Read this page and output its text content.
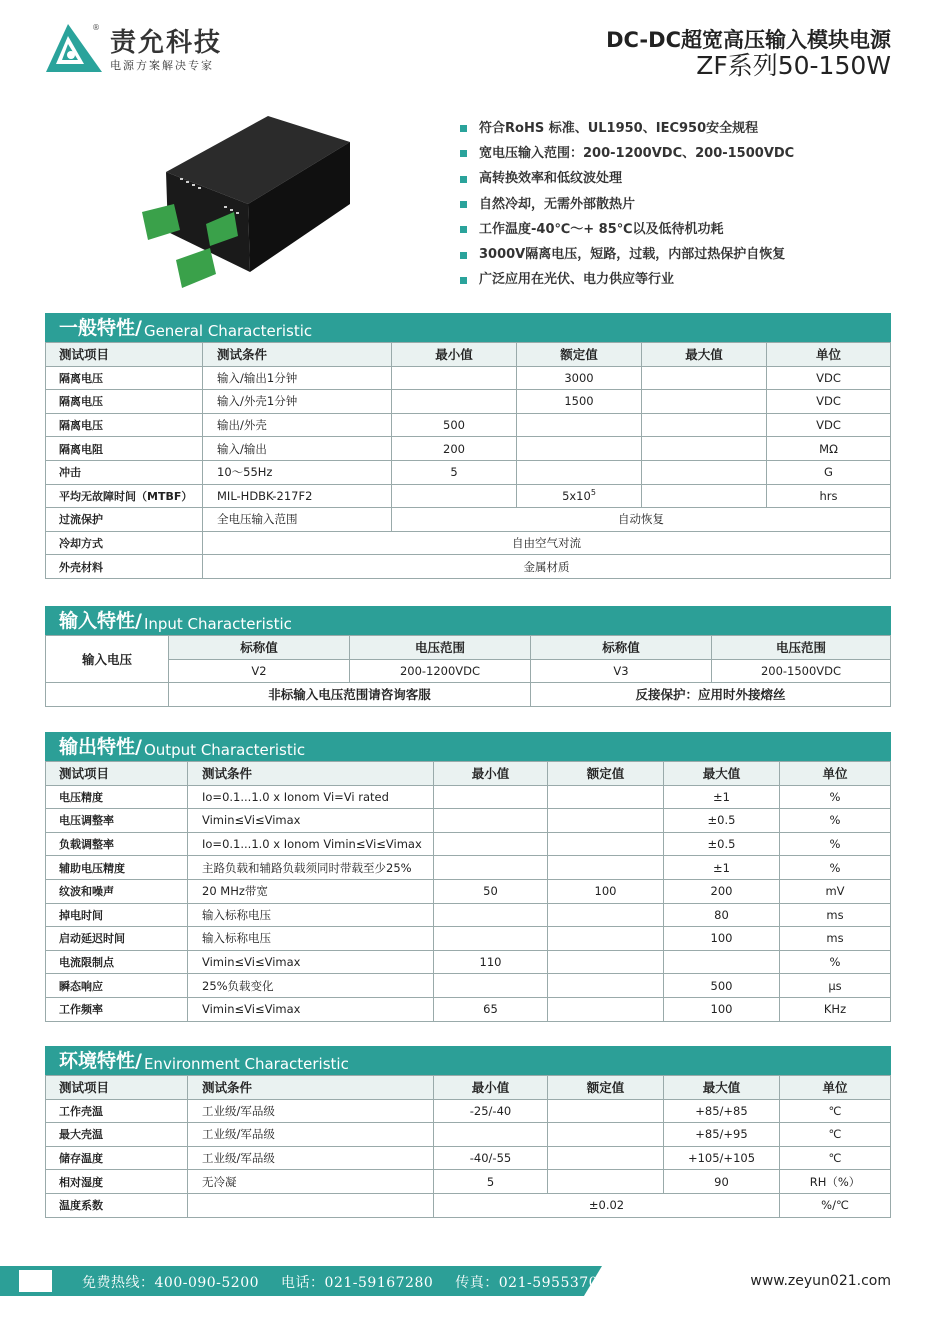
®
责允科技
电源方案解决专家
DC-DC超宽高压输入模块电源
ZF系列50-150W
符合RoHS 标准、UL1950、IEC950安全规程
宽电压输入范围：200-1200VDC、200-1500VDC
高转换效率和低纹波处理
自然冷却，无需外部散热片
工作温度-40℃～+ 85℃以及低待机功耗
3000V隔离电压，短路，过载，内部过热保护自恢复
广泛应用在光伏、电力供应等行业
一般特性/ General Characteristic
测试项目	测试条件	最小值	额定值	最大值	单位
隔离电压	输入/输出1分钟		3000		VDC
隔离电压	输入/外壳1分钟		1500		VDC
隔离电压	输出/外壳	500			VDC
隔离电阻	输入/输出	200			MΩ
冲击	10～55Hz	5			G
平均无故障时间（MTBF）	MIL-HDBK-217F2		$5x10^5$		hrs
过流保护	全电压输入范围	自动恢复			
冷却方式	自由空气对流				
外壳材料	金属材质				
输入特性/ Input Characteristic
输入电压	标称值	电压范围	标称值	电压范围
	V2	200-1200VDC	V3	200-1500VDC
	非标输入电压范围请咨询客服		反接保护：应用时外接熔丝	
输出特性/ Output Characteristic
测试项目	测试条件	最小值	额定值	最大值	单位
电压精度	Io=0.1...1.0 x Ionom Vi=Vi rated			±1	%
电压调整率	Vimin≤Vi≤Vimax			±0.5	%
负载调整率	Io=0.1...1.0 x Ionom Vimin≤Vi≤Vimax			±0.5	%
辅助电压精度	主路负载和辅路负载须同时带载至少25%			±1	%
纹波和噪声	20 MHz带宽	50	100	200	mV
掉电时间	输入标称电压			80	ms
启动延迟时间	输入标称电压			100	ms
电流限制点	Vimin≤Vi≤Vimax	110			%
瞬态响应	25%负载变化			500	μs
工作频率	Vimin≤Vi≤Vimax	65		100	KHz
环境特性/ Environment Characteristic
测试项目	测试条件	最小值	额定值	最大值	单位
工作壳温	工业级/军品级	-25/-40		+85/+85	℃
最大壳温	工业级/军品级			+85/+95	℃
储存温度	工业级/军品级	-40/-55		+105/+105	℃
相对湿度	无冷凝	5		90	RH（%）
温度系数		±0.02			%/℃
免费热线：400-090-5200 电话：021-59167280 传真：021-59553702	www.zeyun021.com
